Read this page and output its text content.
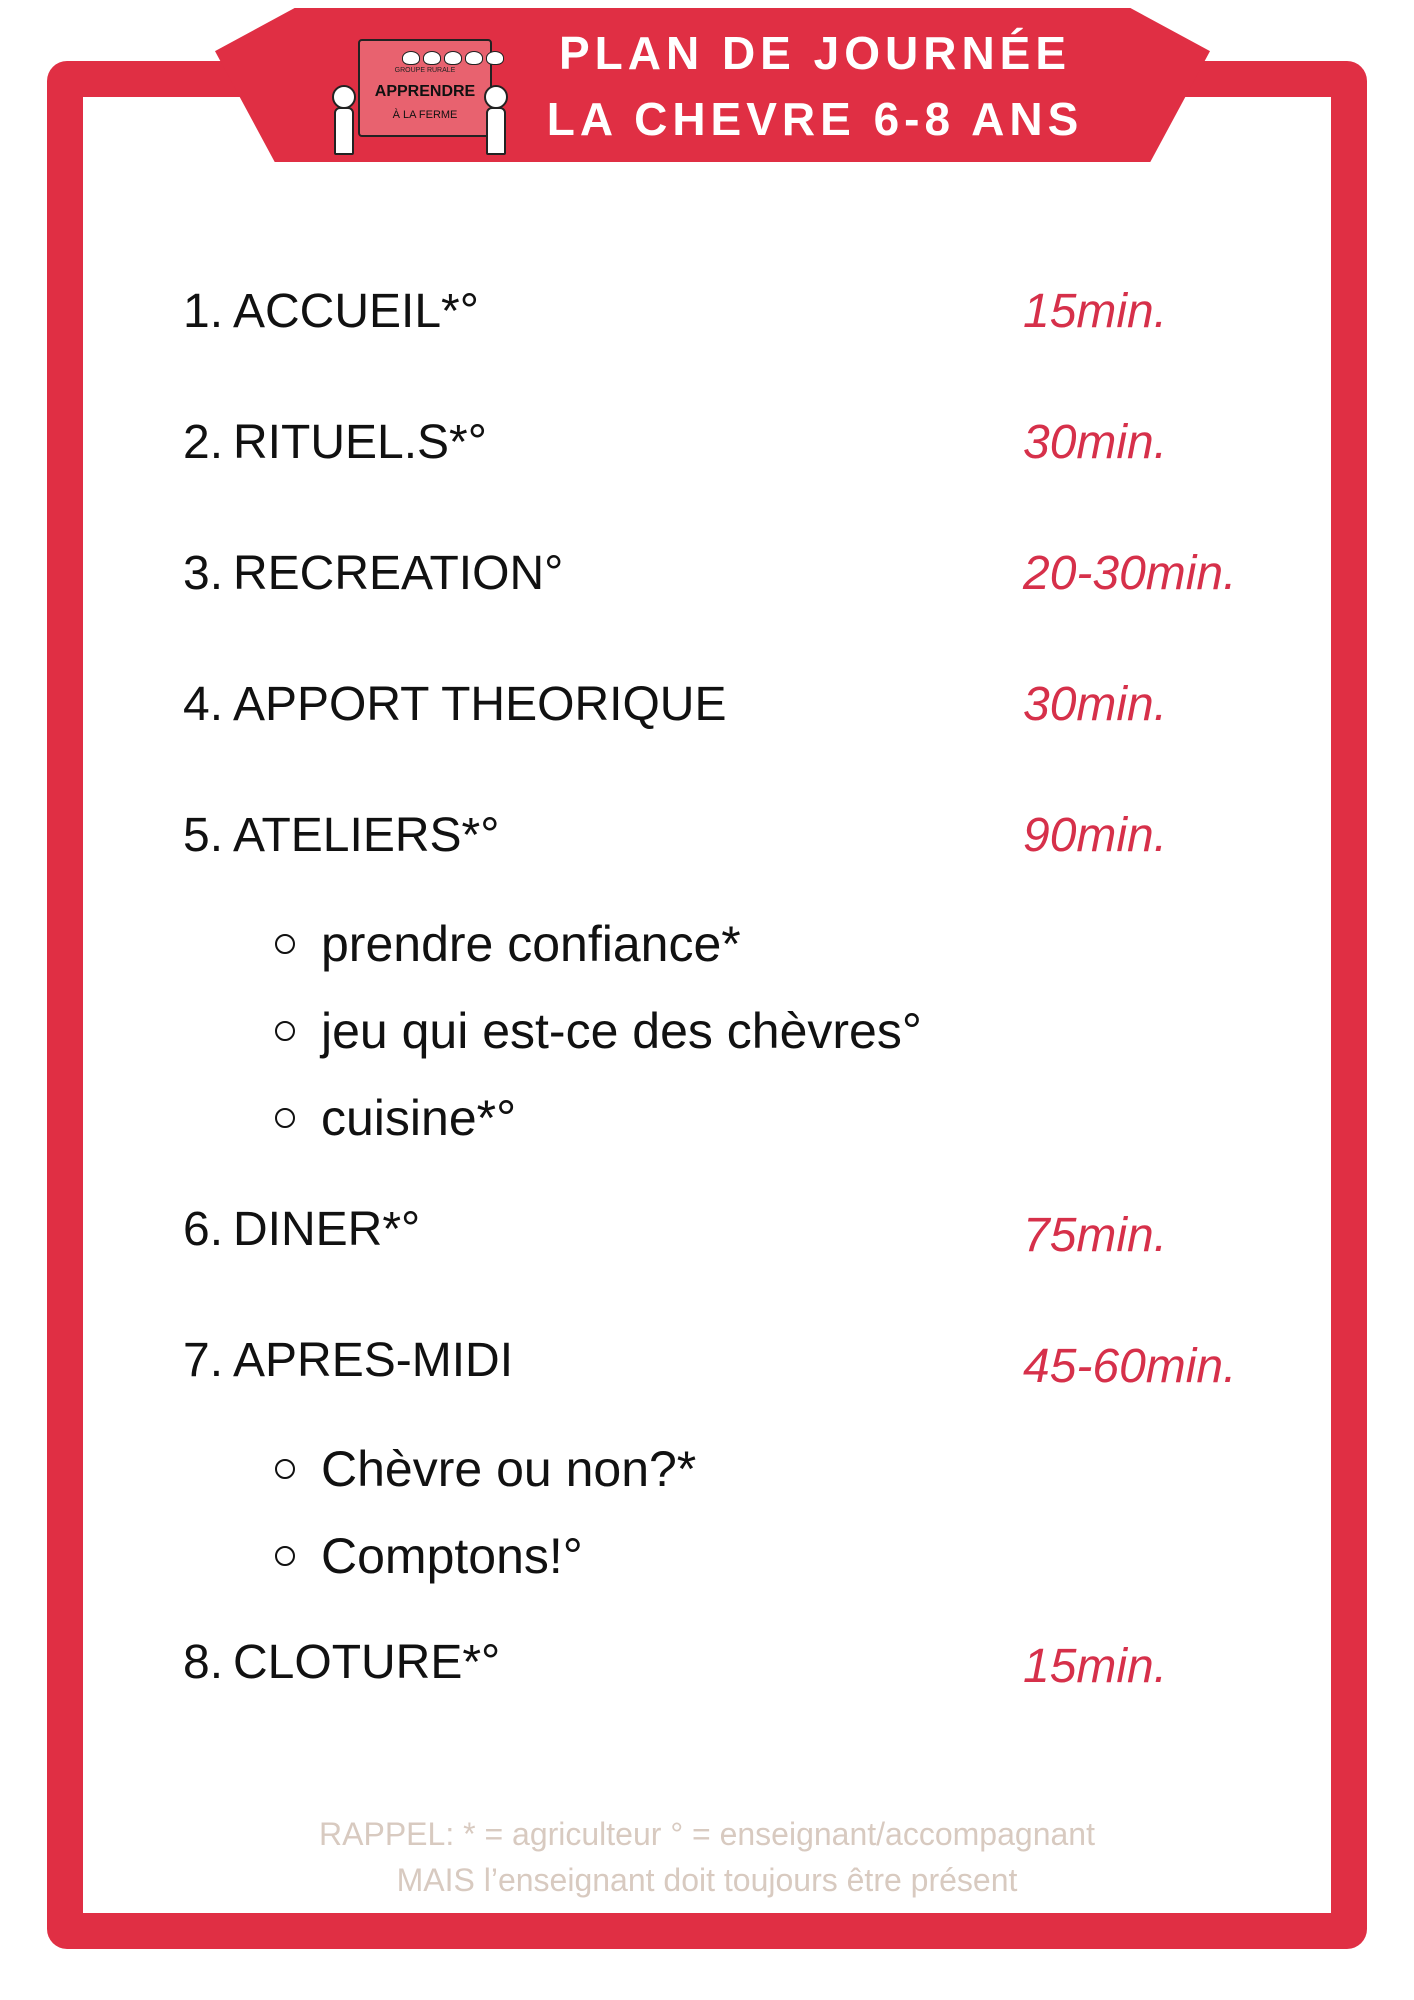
GROUPE RURALE
APPRENDRE
À LA FERME
PLAN DE JOURNÉE
LA CHEVRE 6-8 ANS
1. ACCUEIL*°	15min.
2. RITUEL.S*°	30min.
3. RECREATION°	20-30min.
4. APPORT THEORIQUE	30min.
5. ATELIERS*°	90min.
prendre confiance*
jeu qui est-ce des chèvres°
cuisine*°
6. DINER*°	75min.
7. APRES-MIDI	45-60min.
Chèvre ou non?*
Comptons!°
8. CLOTURE*°	15min.
RAPPEL: * = agriculteur ° = enseignant/accompagnant
MAIS l’enseignant doit toujours être présent
